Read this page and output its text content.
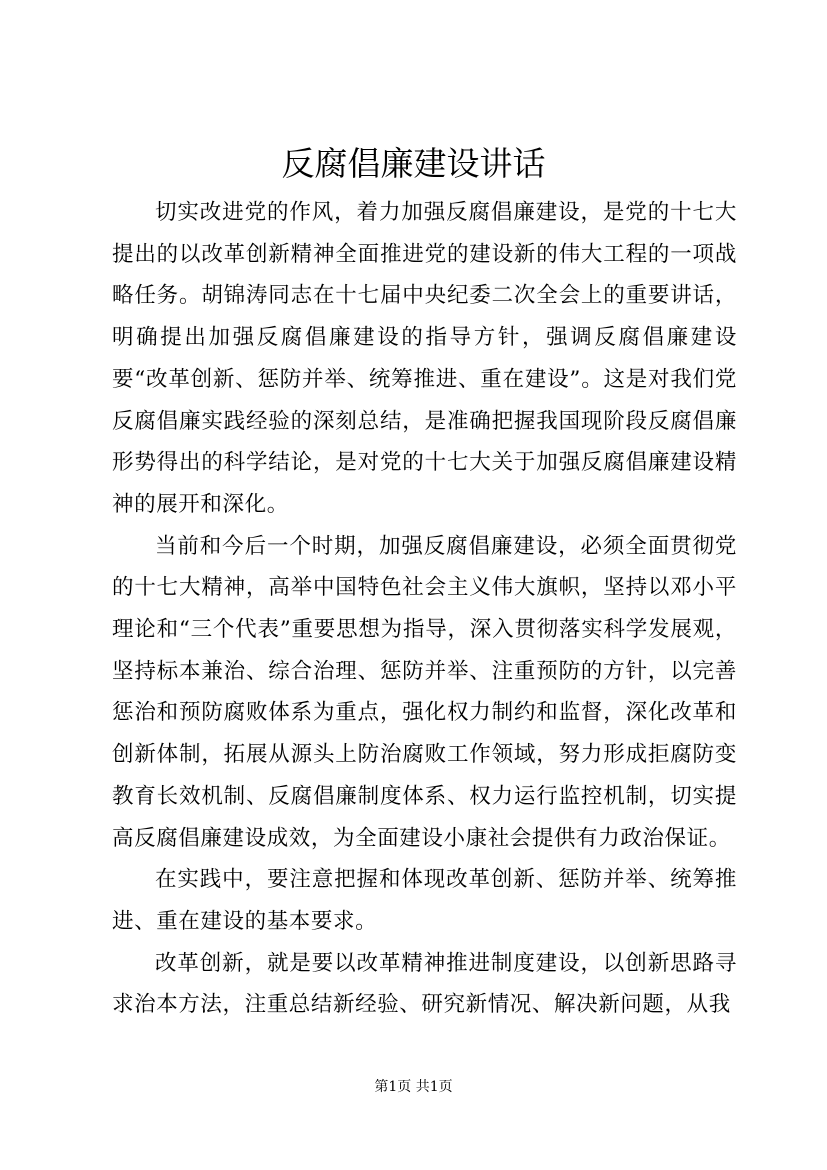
反腐倡廉建设讲话

切实改进党的作风，着力加强反腐倡廉建设，是党的十七大提出的以改革创新精神全面推进党的建设新的伟大工程的一项战略任务。胡锦涛同志在十七届中央纪委二次全会上的重要讲话，明确提出加强反腐倡廉建设的指导方针，强调反腐倡廉建设要“改革创新、惩防并举、统筹推进、重在建设”。这是对我们党反腐倡廉实践经验的深刻总结，是准确把握我国现阶段反腐倡廉形势得出的科学结论，是对党的十七大关于加强反腐倡廉建设精神的展开和深化。

当前和今后一个时期，加强反腐倡廉建设，必须全面贯彻党的十七大精神，高举中国特色社会主义伟大旗帜，坚持以邓小平理论和“三个代表”重要思想为指导，深入贯彻落实科学发展观，坚持标本兼治、综合治理、惩防并举、注重预防的方针，以完善惩治和预防腐败体系为重点，强化权力制约和监督，深化改革和创新体制，拓展从源头上防治腐败工作领域，努力形成拒腐防变教育长效机制、反腐倡廉制度体系、权力运行监控机制，切实提高反腐倡廉建设成效，为全面建设小康社会提供有力政治保证。

在实践中，要注意把握和体现改革创新、惩防并举、统筹推进、重在建设的基本要求。

改革创新，就是要以改革精神推进制度建设，以创新思路寻求治本方法，注重总结新经验、研究新情况、解决新问题，从我

第1页 共1页
